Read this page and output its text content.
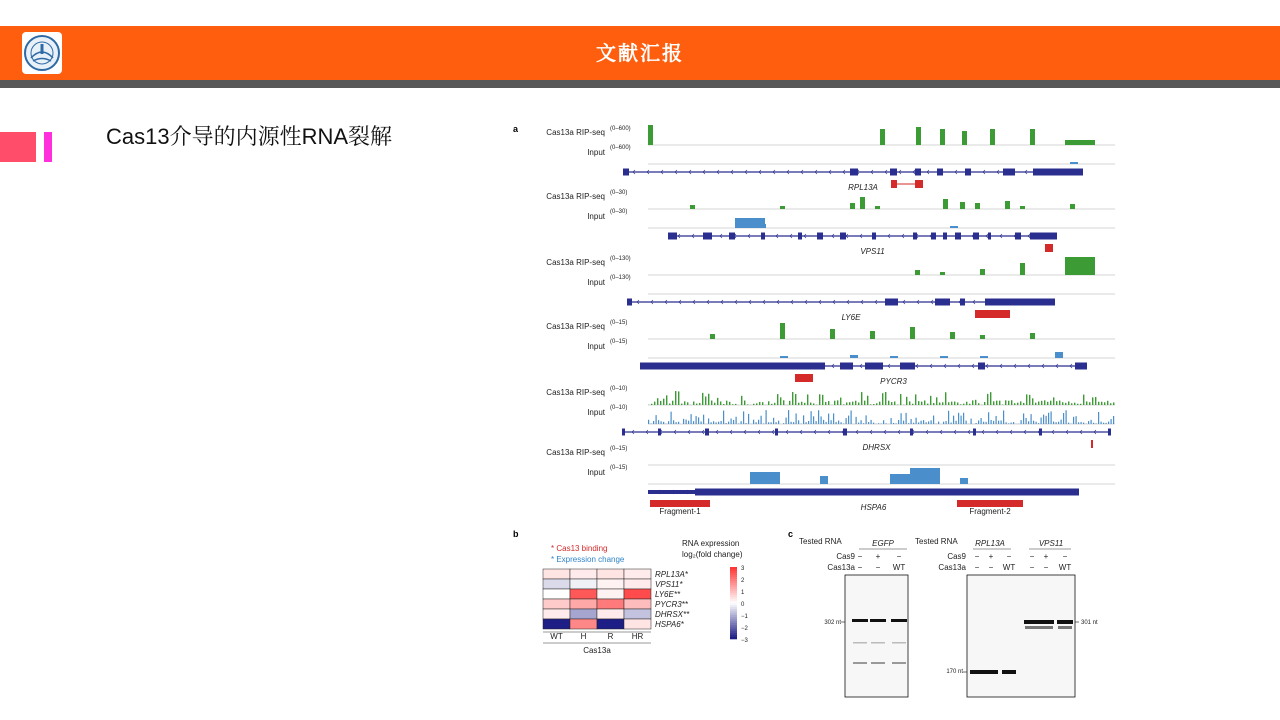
文献汇报
Cas13介导的内源性RNA裂解	a	Cas13a RIP-seq (0–600)
Input (0–600)
RPL13A
Cas13a RIP-seq (0–30)
Input (0–30)
VPS11
Cas13a RIP-seq (0–130)
Input (0–130)
LY6E
Cas13a RIP-seq (0–15)
Input (0–15)
PYCR3
Cas13a RIP-seq (0–10)
Input (0–10)
DHRSX
Cas13a RIP-seq (0–15)
Input (0–15)
HSPA6
Fragment-1	Fragment-2
b
* Cas13 binding
* Expression change
RNA expression
log₂(fold change)
RPL13A*
VPS11*
LY6E**
PYCR3**
DHRSX**
HSPA6*
WT H	R HR
Cas13a
3
2
1
0
−1
−2
−3
c
Tested RNA	EGFP
Cas9
Cas13a
−
−
+
−
−
WT
302 nt
Tested RNA RPL13A	VPS11
Cas9
Cas13a
−
−
+
−
−
WT
−
−
+
−
−
WT
170 nt
301 nt
